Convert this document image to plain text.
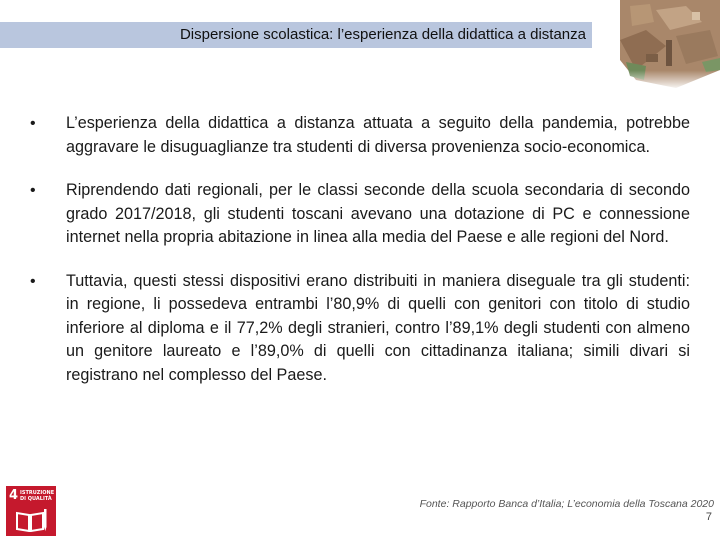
Dispersione scolastica: l’esperienza della didattica a distanza
• L’esperienza della didattica a distanza attuata a seguito della pandemia, potrebbe aggravare le disuguaglianze tra studenti di diversa provenienza socio-economica.
• Riprendendo dati regionali, per le classi seconde della scuola secondaria di secondo grado 2017/2018, gli studenti toscani avevano una dotazione di PC e connessione internet nella propria abitazione in linea alla media del Paese e alle regioni del Nord.
• Tuttavia, questi stessi dispositivi erano distribuiti in maniera diseguale tra gli studenti: in regione, li possedeva entrambi l’80,9% di quelli con genitori con titolo di studio inferiore al diploma e il 77,2% degli stranieri, contro l’89,1% degli studenti con almeno un genitore laureato e l’89,0% di quelli con cittadinanza italiana; simili divari si registrano nel complesso del Paese.
4 ISTRUZIONE DI QUALITÀ	Fonte: Rapporto Banca d’Italia; L’economia della Toscana 2020
7
